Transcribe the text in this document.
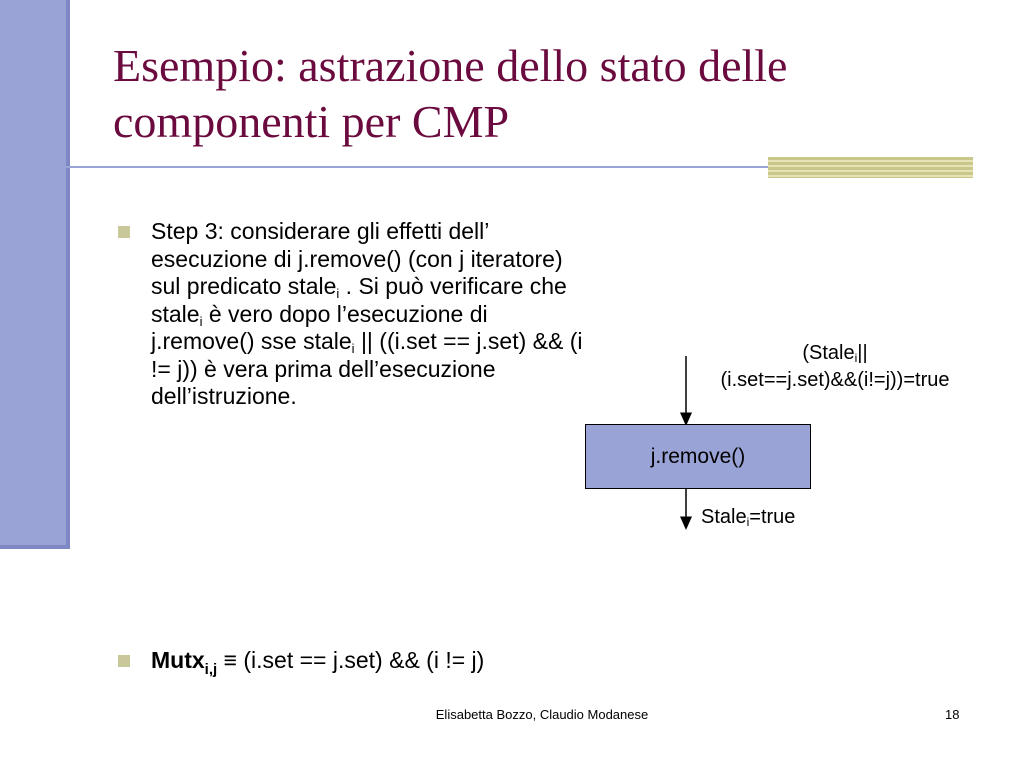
Esempio: astrazione dello stato delle
componenti per CMP
Step 3: considerare gli effetti dell’ esecuzione di j.remove() (con j iteratore) sul predicato stale$_i$ . Si può verificare che stale$_i$ è vero dopo l’esecuzione di j.remove() sse stale$_i$ || ((i.set == j.set) && (i != j)) è vera prima dell’esecuzione dell’istruzione.
Mutx$_{i,j}$ ≡ (i.set == j.set) && (i != j)
(Stale$_i$||
(i.set==j.set)&&(i!=j))=true
j.remove()
Stale$_i$=true
Elisabetta Bozzo, Claudio Modanese	18
